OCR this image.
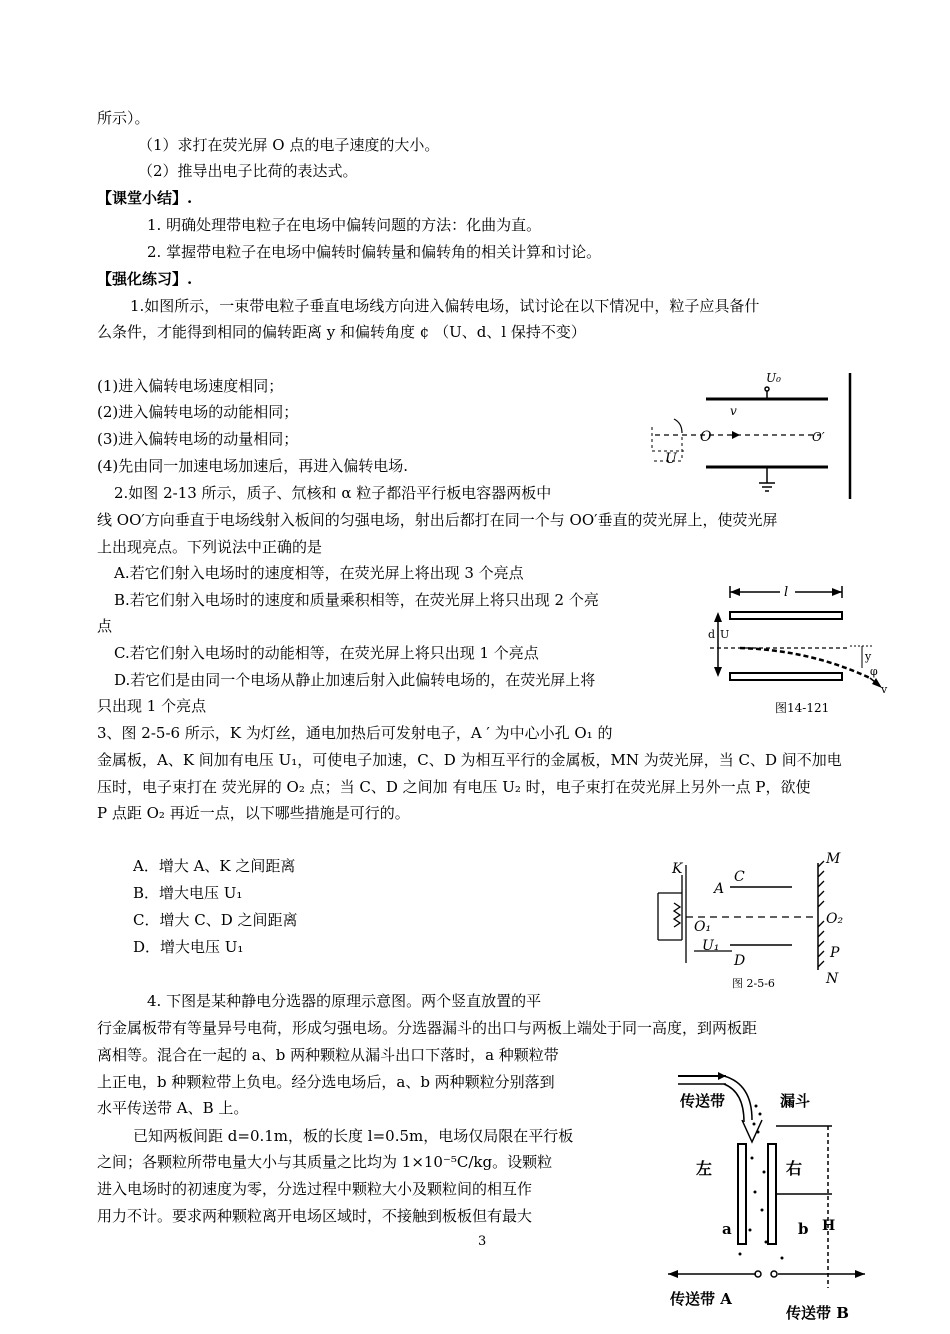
所示）。
（1）求打在荧光屏 O 点的电子速度的大小。
（2）推导出电子比荷的表达式。
【课堂小结】.
1. 明确处理带电粒子在电场中偏转问题的方法：化曲为直。
2. 掌握带电粒子在电场中偏转时偏转量和偏转角的相关计算和讨论。
【强化练习】.
1.如图所示，一束带电粒子垂直电场线方向进入偏转电场，试讨论在以下情况中，粒子应具备什
么条件，才能得到相同的偏转距离 y 和偏转角度 ¢ （U、d、l 保持不变）
(1)进入偏转电场速度相同；
(2)进入偏转电场的动能相同；
(3)进入偏转电场的动量相同；
(4)先由同一加速电场加速后，再进入偏转电场.
2.如图 2-13 所示，质子、氘核和 α 粒子都沿平行板电容器两板中
线 OO′方向垂直于电场线射入板间的匀强电场，射出后都打在同一个与 OO′垂直的荧光屏上，使荧光屏
上出现亮点。下列说法中正确的是
A.若它们射入电场时的速度相等，在荧光屏上将出现 3 个亮点
B.若它们射入电场时的速度和质量乘积相等，在荧光屏上将只出现 2 个亮
点
C.若它们射入电场时的动能相等，在荧光屏上将只出现 1 个亮点
D.若它们是由同一个电场从静止加速后射入此偏转电场的，在荧光屏上将
只出现 1 个亮点
3、图 2-5-6 所示，K 为灯丝，通电加热后可发射电子，A ′ 为中心小孔 O₁ 的
金属板，A、K 间加有电压 U₁，可使电子加速，C、D 为相互平行的金属板，MN 为荧光屏，当 C、D 间不加电
压时，电子束打在 荧光屏的 O₂ 点；当 C、D 之间加 有电压 U₂ 时，电子束打在荧光屏上另外一点 P，欲使
P 点距 O₂ 再近一点，以下哪些措施是可行的。
A．增大 A、K 之间距离
B．增大电压 U₁
C．增大 C、D 之间距离
D．增大电压 U₁
4. 下图是某种静电分选器的原理示意图。两个竖直放置的平
行金属板带有等量异号电荷，形成匀强电场。分选器漏斗的出口与两板上端处于同一高度，到两板距
离相等。混合在一起的 a、b 两种颗粒从漏斗出口下落时，a 种颗粒带
上正电，b 种颗粒带上负电。经分选电场后，a、b 两种颗粒分别落到
水平传送带 A、B 上。
已知两板间距 d=0.1m，板的长度 l=0.5m，电场仅局限在平行板
之间；各颗粒所带电量大小与其质量之比均为 1×10⁻⁵C/kg。设颗粒
进入电场时的初速度为零，分选过程中颗粒大小及颗粒间的相互作
用力不计。要求两种颗粒离开电场区域时，不接触到板板但有最大
3
U₀
v
O	O′
U
l
d U
y
φ
v
图14-121
K
A
C
D
M
N
O₁	O₂
P
U₁
图 2-5-6
传送带	漏斗
左	右
a	b H
传送带 A
传送带 B
